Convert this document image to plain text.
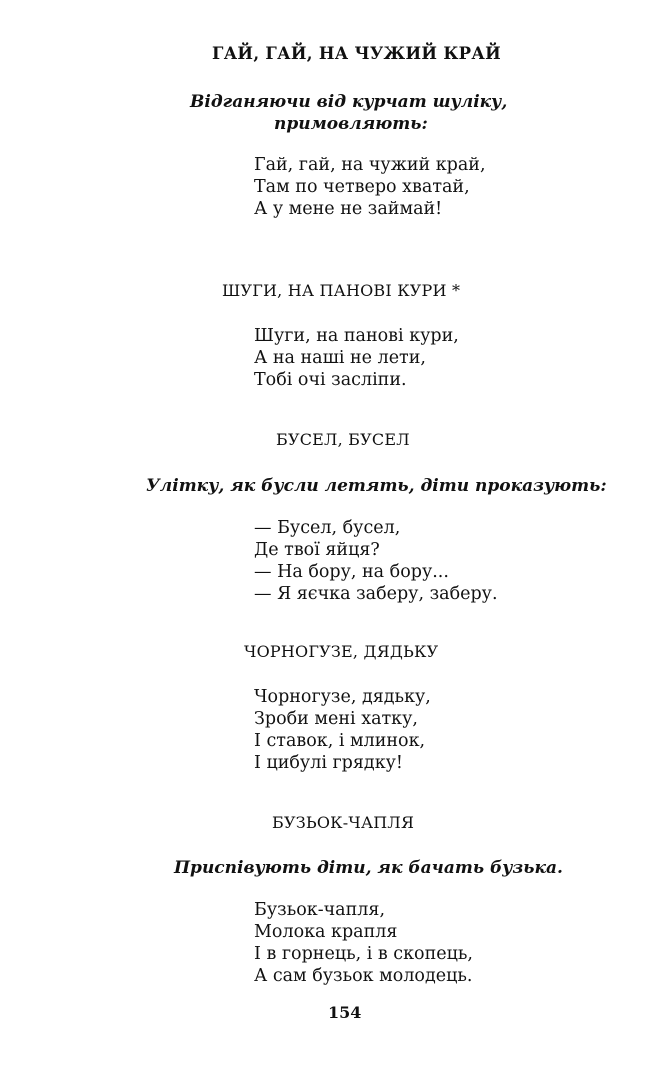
ГАЙ, ГАЙ, НА ЧУЖИЙ КРАЙ
Відганяючи від курчат шуліку,
примовляють:
Гай, гай, на чужий край,
Там по четверо хватай,
А у мене не займай!
ШУГИ, НА ПАНОВІ КУРИ *
Шуги, на панові кури,
А на наші не лети,
Тобі очі засліпи.
БУСЕЛ, БУСЕЛ
Улітку, як бусли летять, діти проказують:
— Бусел, бусел,
Де твої яйця?
— На бору, на бору...
— Я яєчка заберу, заберу.
ЧОРНОГУЗЕ, ДЯДЬКУ
Чорногузе, дядьку,
Зроби мені хатку,
І ставок, і млинок,
І цибулі грядку!
БУЗЬОК-ЧАПЛЯ
Приспівують діти, як бачать бузька.
Бузьок-чапля,
Молока крапля
І в горнець, і в скопець,
А сам бузьок молодець.
154
